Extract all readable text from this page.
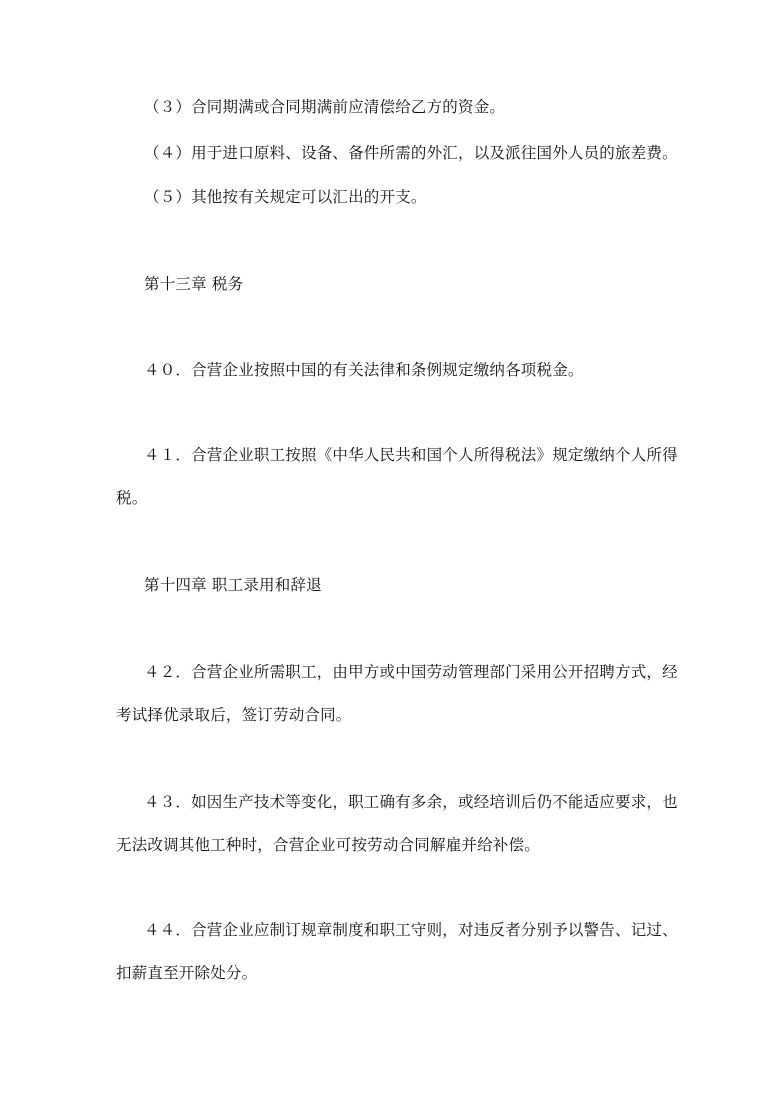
（３）合同期满或合同期满前应清偿给乙方的资金。
（４）用于进口原料、设备、备件所需的外汇，以及派往国外人员的旅差费。
（５）其他按有关规定可以汇出的开支。
第十三章 税务
４０．合营企业按照中国的有关法律和条例规定缴纳各项税金。
４１．合营企业职工按照《中华人民共和国个人所得税法》规定缴纳个人所得
税。
第十四章 职工录用和辞退
４２．合营企业所需职工，由甲方或中国劳动管理部门采用公开招聘方式，经
考试择优录取后，签订劳动合同。
４３．如因生产技术等变化，职工确有多余，或经培训后仍不能适应要求，也
无法改调其他工种时，合营企业可按劳动合同解雇并给补偿。
４４．合营企业应制订规章制度和职工守则，对违反者分别予以警告、记过、
扣薪直至开除处分。
